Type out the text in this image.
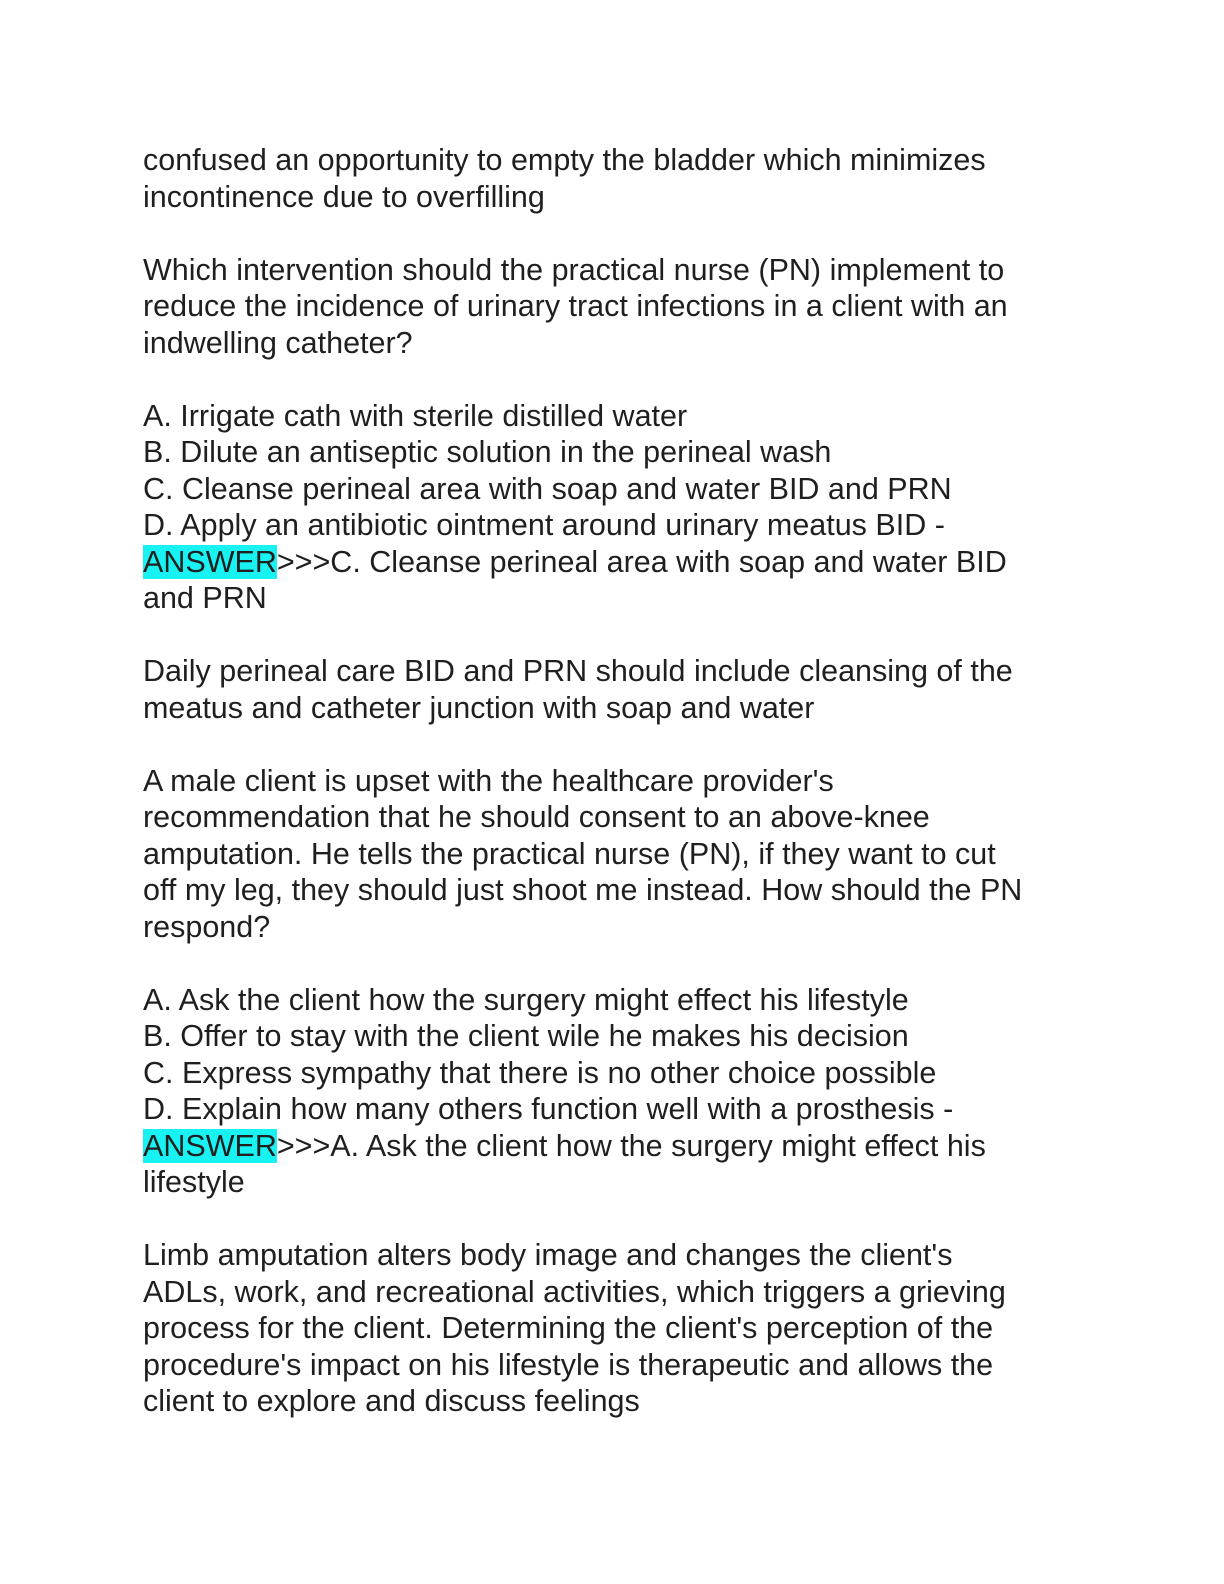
confused an opportunity to empty the bladder which minimizes
incontinence due to overfilling
Which intervention should the practical nurse (PN) implement to
reduce the incidence of urinary tract infections in a client with an
indwelling catheter?
A. Irrigate cath with sterile distilled water
B. Dilute an antiseptic solution in the perineal wash
C. Cleanse perineal area with soap and water BID and PRN
D. Apply an antibiotic ointment around urinary meatus BID -
ANSWER>>>C. Cleanse perineal area with soap and water BID
and PRN
Daily perineal care BID and PRN should include cleansing of the
meatus and catheter junction with soap and water
A male client is upset with the healthcare provider's
recommendation that he should consent to an above-knee
amputation. He tells the practical nurse (PN), if they want to cut
off my leg, they should just shoot me instead. How should the PN
respond?
A. Ask the client how the surgery might effect his lifestyle
B. Offer to stay with the client wile he makes his decision
C. Express sympathy that there is no other choice possible
D. Explain how many others function well with a prosthesis -
ANSWER>>>A. Ask the client how the surgery might effect his
lifestyle
Limb amputation alters body image and changes the client's
ADLs, work, and recreational activities, which triggers a grieving
process for the client. Determining the client's perception of the
procedure's impact on his lifestyle is therapeutic and allows the
client to explore and discuss feelings
